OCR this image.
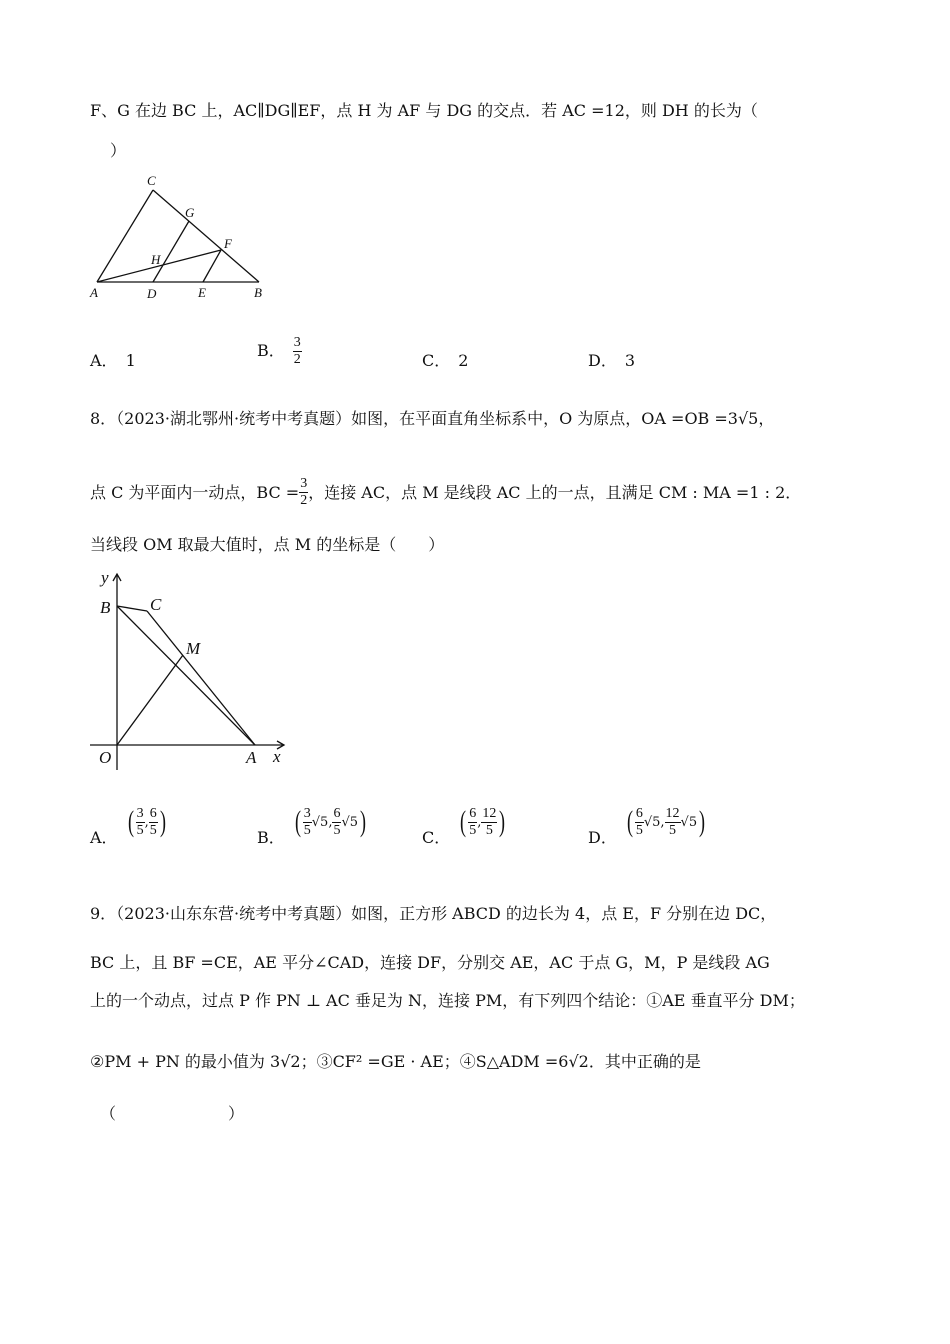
F、G 在边 BC 上，AC∥DG∥EF，点 H 为 AF 与 DG 的交点．若 AC =12，则 DH 的长为（
）
C
G
F
H
A	D	E	B
A． 1
B． $\frac{3}{2}$	C． 2	D． 3
8．（2023·湖北鄂州·统考中考真题）如图，在平面直角坐标系中，O 为原点，OA =OB =3√5，
点 C 为平面内一动点， BC = $\frac{3}{2}$ ，连接 AC，点 M 是线段 AC 上的一点，且满足 CM : MA =1 : 2．
当线段 OM 取最大值时，点 M 的坐标是（　　）
y
x
B C
M
O	A
A． ( $\frac{3}{5}$ , $\frac{6}{5}$ )	B． ( $\frac{3}{5} √5$ , $\frac{6}{5} √5$ )	C． ( $\frac{6}{5}$ , $\frac{12}{5}$ )	D． ( $\frac{6}{5} √5$ , $\frac{12}{5} √5$ )
9．（2023·山东东营·统考中考真题）如图，正方形 ABCD 的边长为 4，点 E，F 分别在边 DC，
BC 上，且 BF =CE，AE 平分∠CAD，连接 DF，分别交 AE，AC 于点 G，M，P 是线段 AG
上的一个动点，过点 P 作 PN ⊥ AC 垂足为 N，连接 PM，有下列四个结论：①AE 垂直平分 DM；
②PM + PN 的最小值为 3√2；③CF² =GE · AE；④S△ADM =6√2．其中正确的是
（　　　　　　　）
